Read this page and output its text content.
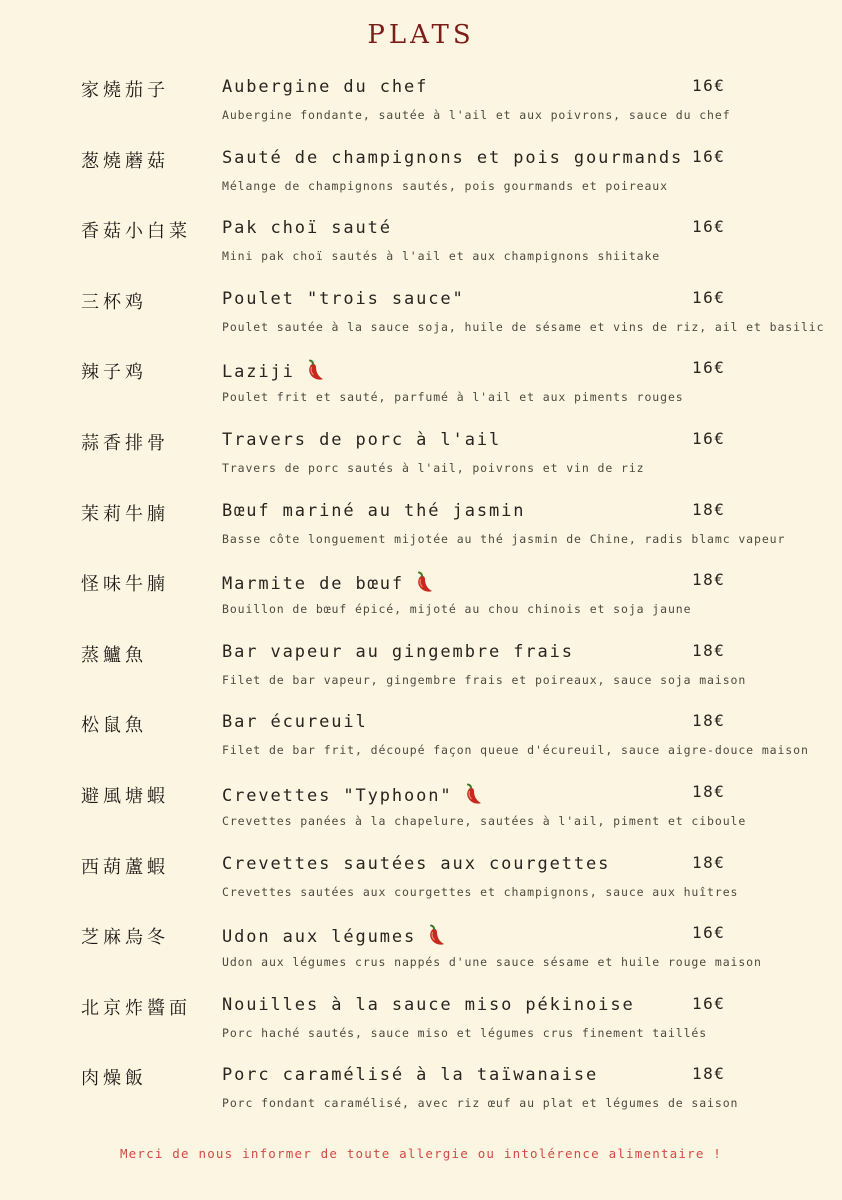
PLATS
家燒茄子	Aubergine du chef	16€
Aubergine fondante, sautée à l'ail et aux poivrons, sauce du chef
葱燒蘑菇	Sauté de champignons et pois gourmands 16€
Mélange de champignons sautés, pois gourmands et poireaux
香菇小白菜 Pak choï sauté	16€
Mini pak choï sautés à l'ail et aux champignons shiitake
三杯鸡	Poulet "trois sauce"	16€
Poulet sautée à la sauce soja, huile de sésame et vins de riz, ail et basilic
辣子鸡	Laziji	16€
Poulet frit et sauté, parfumé à l'ail et aux piments rouges
蒜香排骨	Travers de porc à l'ail	16€
Travers de porc sautés à l'ail, poivrons et vin de riz
茉莉牛腩	Bœuf mariné au thé jasmin	18€
Basse côte longuement mijotée au thé jasmin de Chine, radis blamc vapeur
怪味牛腩	Marmite de bœuf	18€
Bouillon de bœuf épicé, mijoté au chou chinois et soja jaune
蒸鱸魚	Bar vapeur au gingembre frais	18€
Filet de bar vapeur, gingembre frais et poireaux, sauce soja maison
松鼠魚	Bar écureuil	18€
Filet de bar frit, découpé façon queue d'écureuil, sauce aigre-douce maison
避風塘蝦	Crevettes "Typhoon"	18€
Crevettes panées à la chapelure, sautées à l'ail, piment et ciboule
西葫蘆蝦	Crevettes sautées aux courgettes	18€
Crevettes sautées aux courgettes et champignons, sauce aux huîtres
芝麻烏冬	Udon aux légumes	16€
Udon aux légumes crus nappés d'une sauce sésame et huile rouge maison
北京炸醬面 Nouilles à la sauce miso pékinoise	16€
Porc haché sautés, sauce miso et légumes crus finement taillés
肉燥飯	Porc caramélisé à la taïwanaise	18€
Porc fondant caramélisé, avec riz œuf au plat et légumes de saison
Merci de nous informer de toute allergie ou intolérence alimentaire !
